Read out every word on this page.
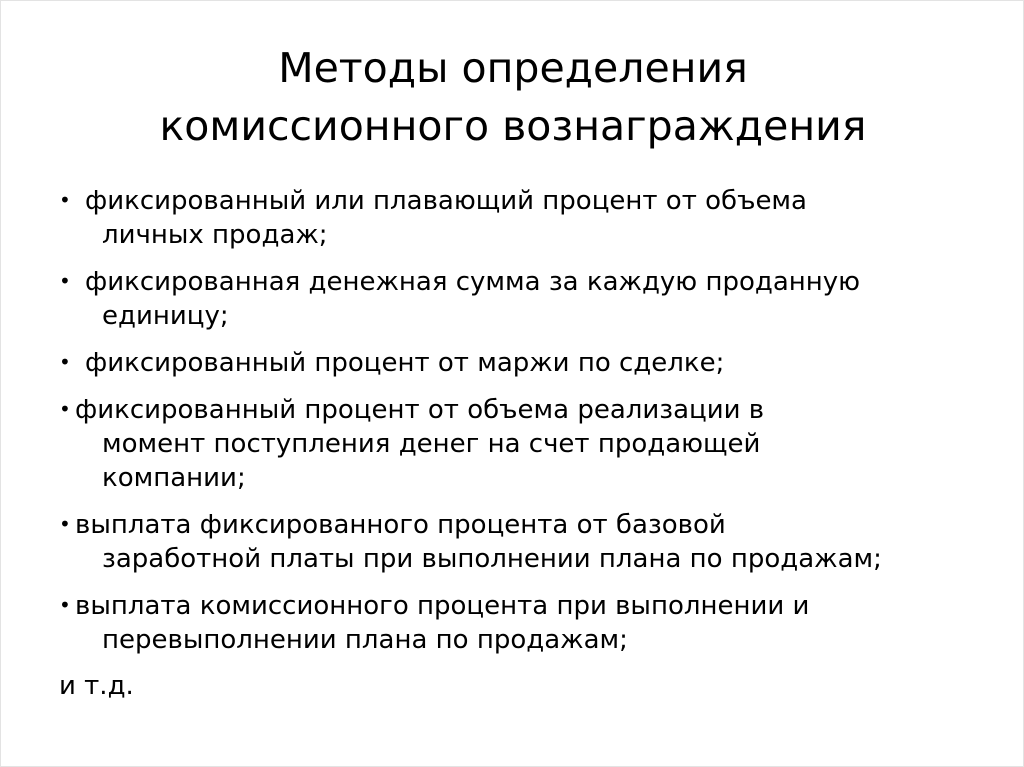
Методы определения
комиссионного вознаграждения
• фиксированный или плавающий процент от объема
личных продаж;
• фиксированная денежная сумма за каждую проданную
единицу;
• фиксированный процент от маржи по сделке;
• фиксированный процент от объема реализации в
момент поступления денег на счет продающей
компании;
• выплата фиксированного процента от базовой
заработной платы при выполнении плана по продажам;
• выплата комиссионного процента при выполнении и
перевыполнении плана по продажам;
и т.д.
